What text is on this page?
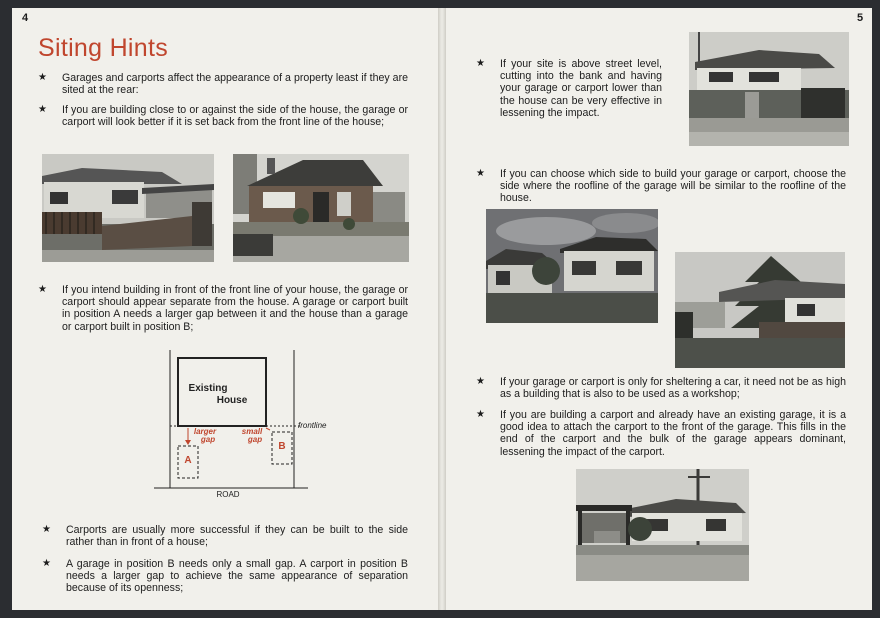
4
Siting Hints
★ Garages and carports affect the appearance of a property least if they are sited at the rear:
★ If you are building close to or against the side of the house, the garage or carport will look better if it is set back from the front line of the house;
★ If you intend building in front of the front line of your house, the garage or carport should appear separate from the house. A garage or carport built in position A needs a larger gap between it and the house than a garage or carport built in position B;
Existing
House
larger
gap
small
gap
frontline
A
B
ROAD
★ Carports are usually more successful if they can be built to the side rather than in front of a house;
★ A garage in position B needs only a small gap. A carport in position B needs a larger gap to achieve the same appearance of separation because of its openness;
5
★ If your site is above street level, cutting into the bank and having your garage or carport lower than the house can be very effective in lessening the impact.
★ If you can choose which side to build your garage or carport, choose the side where the roofline of the garage will be similar to the roofline of the house.
★ If your garage or carport is only for sheltering a car, it need not be as high as a building that is also to be used as a workshop;
★ If you are building a carport and already have an existing garage, it is a good idea to attach the carport to the front of the garage. This fills in the end of the carport and the bulk of the garage appears dominant, lessening the impact of the carport.
